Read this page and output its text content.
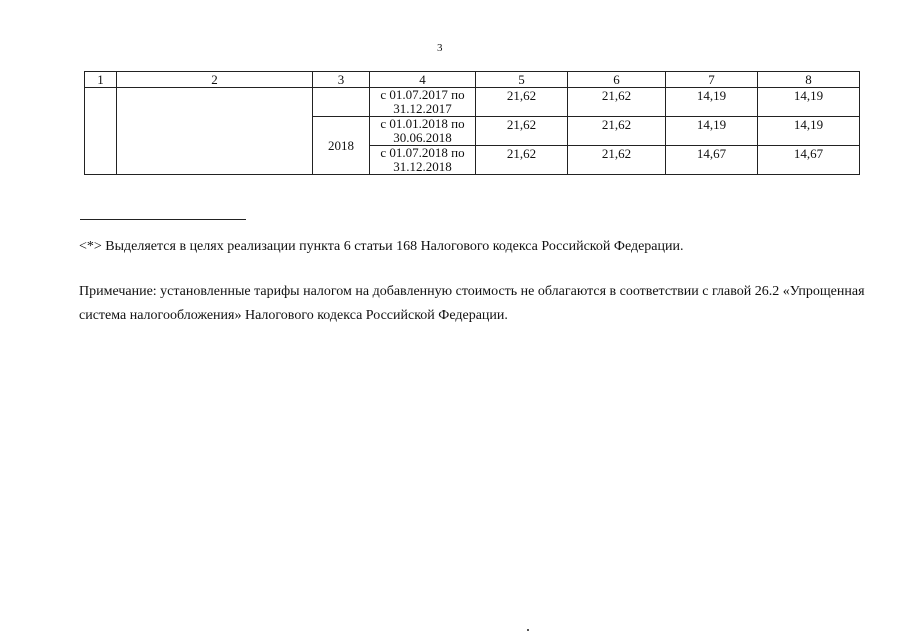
3
1	2	3	4	5	6	7	8

			с 01.07.2017 по
31.12.2017	21,62	21,62	14,19	14,19
		2018	с 01.01.2018 по
30.06.2018	21,62	21,62	14,19	14,19

			с 01.07.2018 по
31.12.2018	21,62	21,62	14,67	14,67
<*> Выделяется в целях реализации пункта 6 статьи 168 Налогового кодекса Российской Федерации.
Примечание: установленные тарифы налогом на добавленную стоимость не облагаются в соответствии с главой 26.2 «Упрощенная система налогообложения» Налогового кодекса Российской Федерации.
